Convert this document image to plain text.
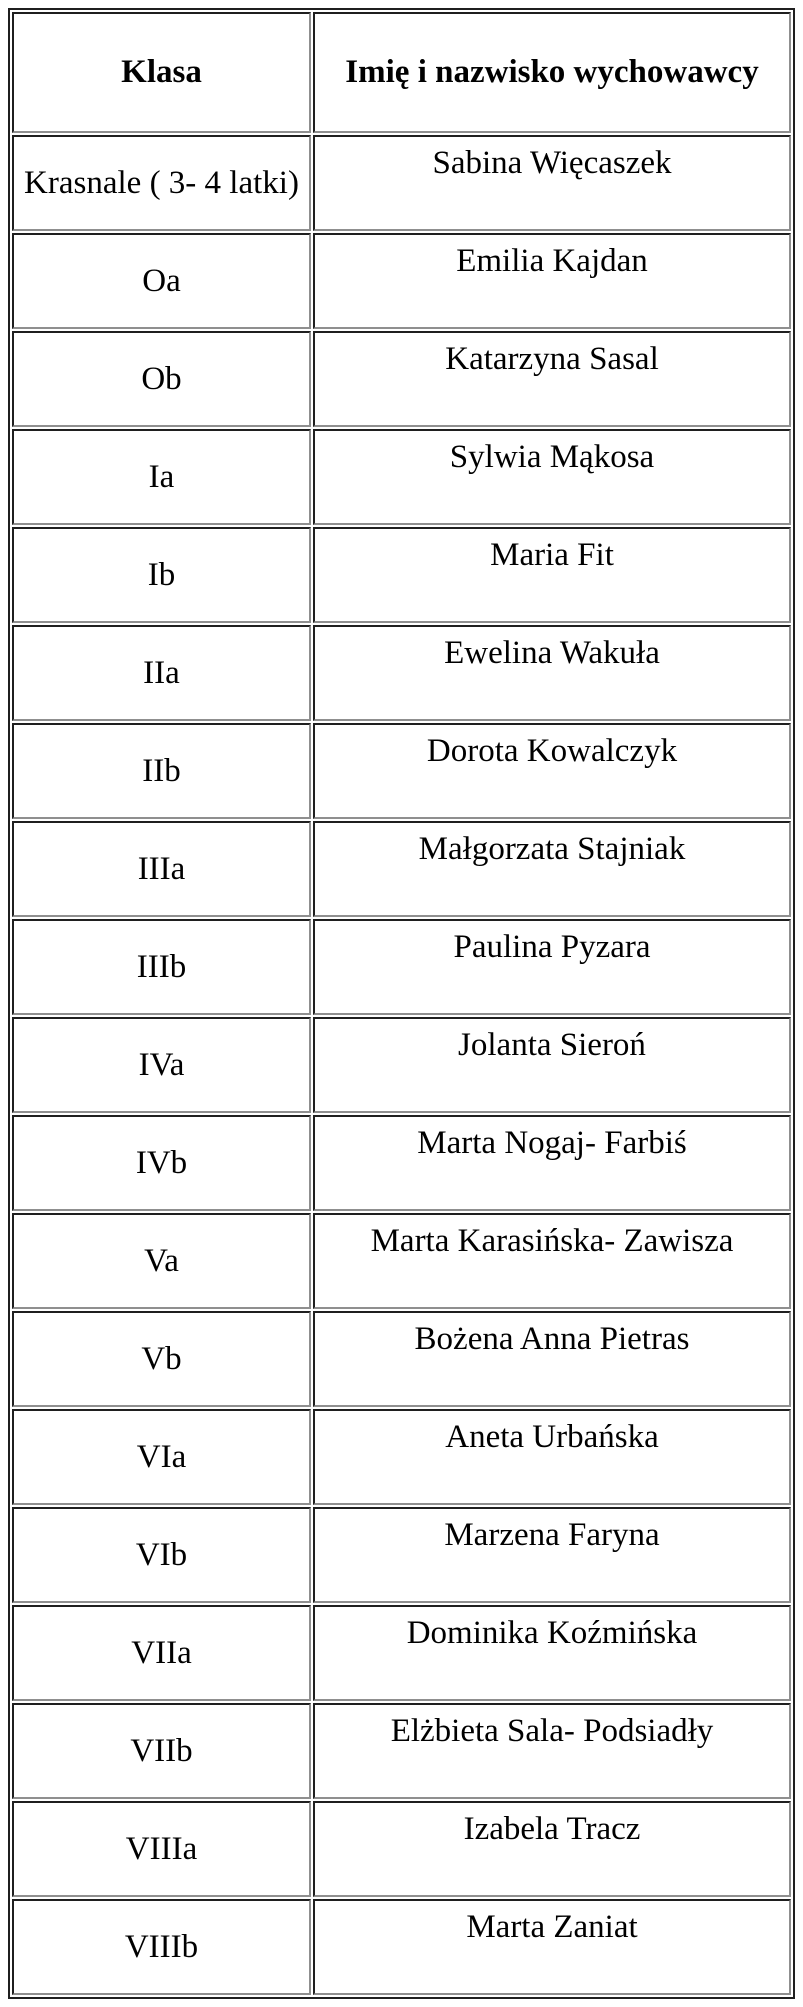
Klasa	Imię i nazwisko wychowawcy
Krasnale ( 3- 4 latki)	Sabina Więcaszek
Oa	Emilia Kajdan
Ob	Katarzyna Sasal
Ia	Sylwia Mąkosa
Ib	Maria Fit
IIa	Ewelina Wakuła
IIb	Dorota Kowalczyk
IIIa	Małgorzata Stajniak
IIIb	Paulina Pyzara
IVa	Jolanta Sieroń
IVb	Marta Nogaj- Farbiś
Va	Marta Karasińska- Zawisza
Vb	Bożena Anna Pietras
VIa	Aneta Urbańska
VIb	Marzena Faryna
VIIa	Dominika Koźmińska
VIIb	Elżbieta Sala- Podsiadły
VIIIa	Izabela Tracz
VIIIb	Marta Zaniat
